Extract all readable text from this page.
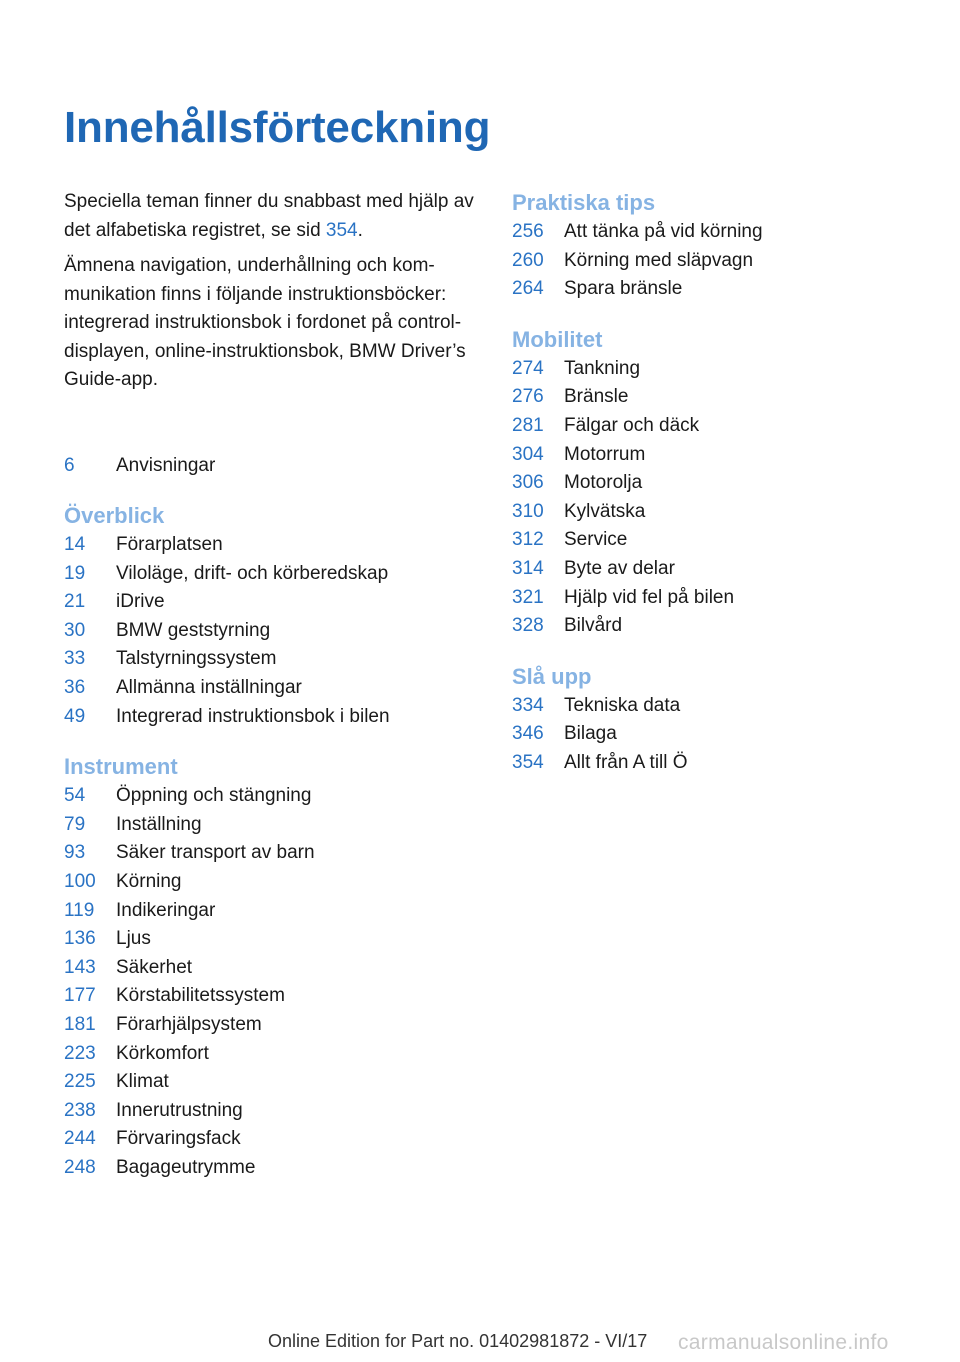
Innehållsförteckning

Speciella teman finner du snabbast med hjälp av det alfabetiska registret, se sid 354.

Ämnena navigation, underhållning och kommunikation finns i följande instruktionsböcker: integrerad instruktionsbok i fordonet på control-displayen, online-instruktionsbok, BMW Driver’s Guide-app.

6	Anvisningar
Överblick
14	Förarplatsen
19	Viloläge, drift- och körberedskap
21	iDrive
30	BMW geststyrning
33	Talstyrningssystem
36	Allmänna inställningar
49	Integrerad instruktionsbok i bilen
Instrument
54	Öppning och stängning
79	Inställning
93	Säker transport av barn
100	Körning
119	Indikeringar
136	Ljus
143	Säkerhet
177	Körstabilitetssystem
181	Förarhjälpsystem
223	Körkomfort
225	Klimat
238	Innerutrustning
244	Förvaringsfack
248	Bagageutrymme
Praktiska tips
256	Att tänka på vid körning
260	Körning med släpvagn
264	Spara bränsle
Mobilitet
274	Tankning
276	Bränsle
281	Fälgar och däck
304	Motorrum
306	Motorolja
310	Kylvätska
312	Service
314	Byte av delar
321	Hjälp vid fel på bilen
328	Bilvård
Slå upp
334	Tekniska data
346	Bilaga
354	Allt från A till Ö
Online Edition for Part no. 01402981872 - VI/17 carmanualsonline.info
